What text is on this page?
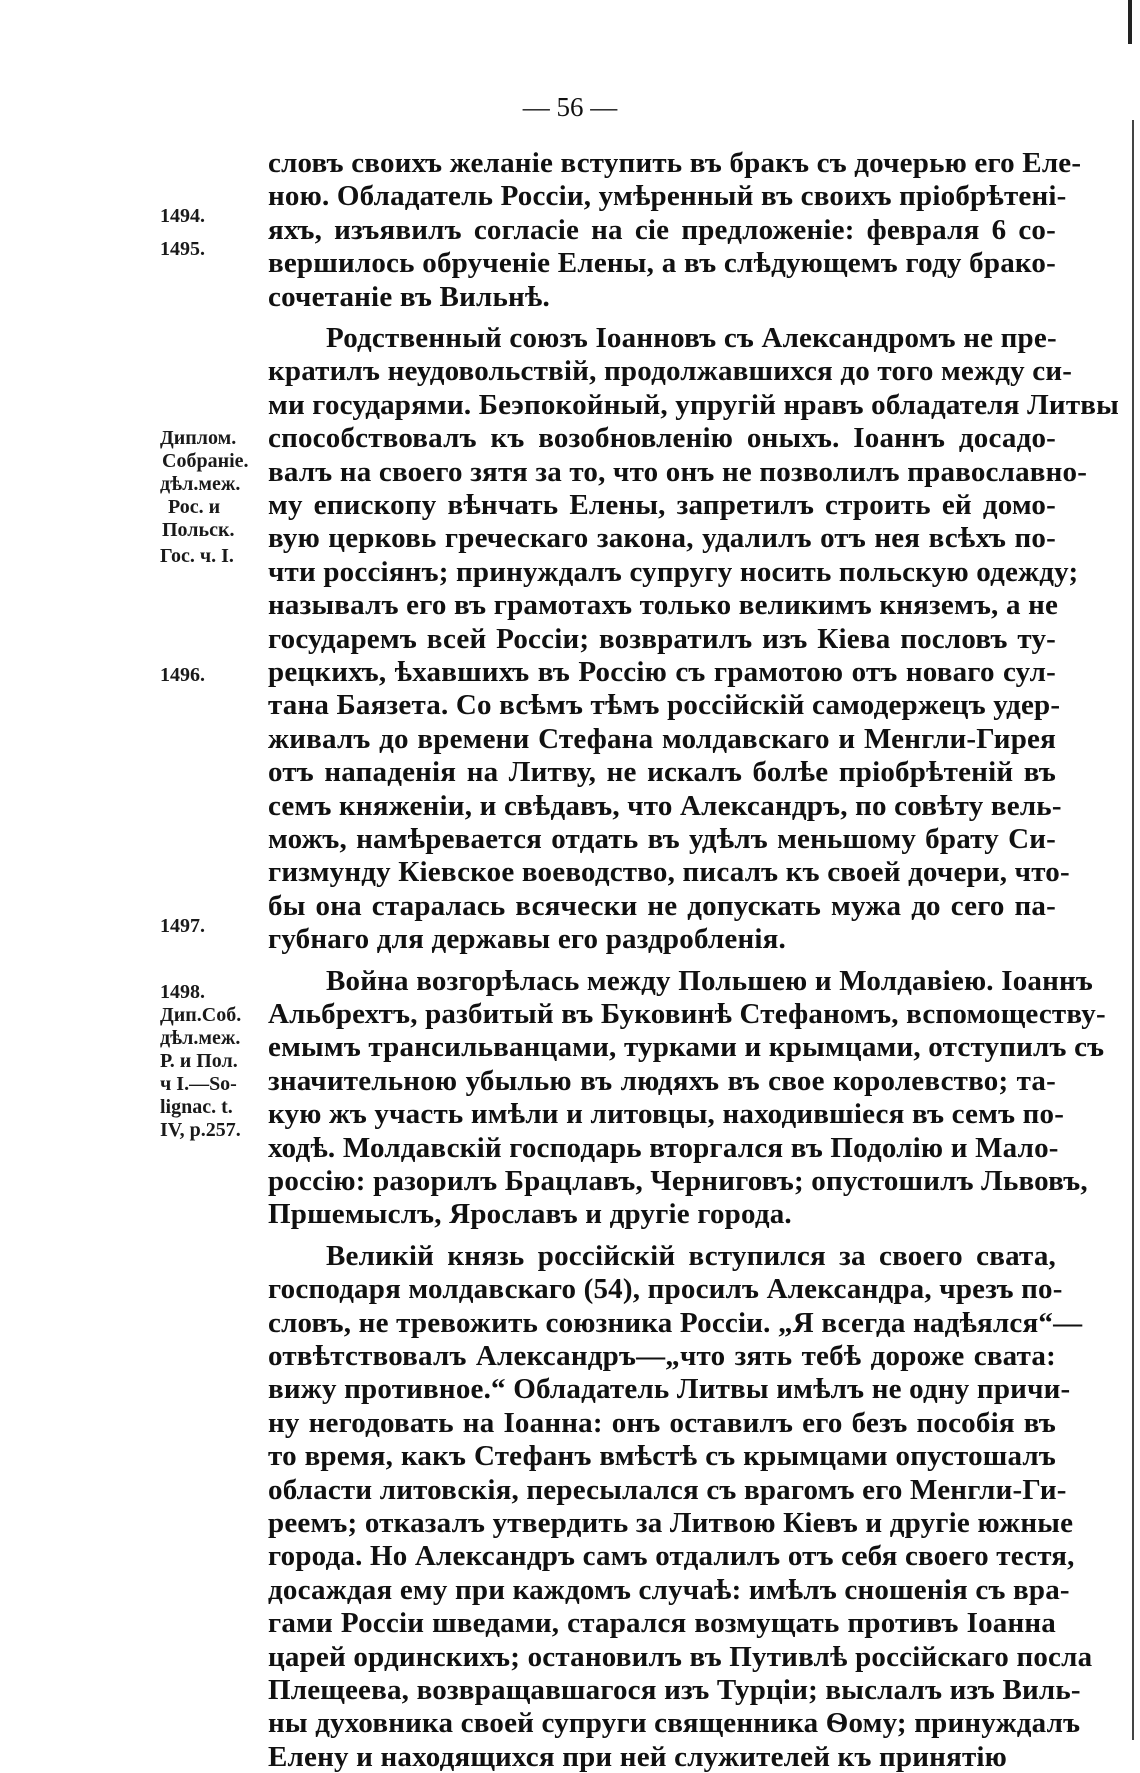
— 56 —
словъ своихъ желаніе вступить въ бракъ съ дочерью его Еле-
ною. Обладатель Россіи, умѣренный въ своихъ пріобрѣтені-
яхъ, изъявилъ согласіе на сіе предложеніе: февраля 6 со-
вершилось обрученіе Елены, а въ слѣдующемъ году брако-
сочетаніе въ Вильнѣ.
Родственный союзъ Іоанновъ съ Александромъ не пре-
кратилъ неудовольствій, продолжавшихся до того между си-
ми государями. Беэпокойный, упругій нравъ обладателя Литвы
способствовалъ къ возобновленію оныхъ. Іоаннъ досадо-
валъ на своего зятя за то, что онъ не позволилъ православно-
му епископу вѣнчать Елены, запретилъ строить ей домо-
вую церковь греческаго закона, удалилъ отъ нея всѣхъ по-
чти россіянъ; принуждалъ супругу носить польскую одежду;
называлъ его въ грамотахъ только великимъ княземъ, а не
государемъ всей Россіи; возвратилъ изъ Кіева пословъ ту-
рецкихъ, ѣхавшихъ въ Россію съ грамотою отъ новаго сул-
тана Баязета. Со всѣмъ тѣмъ россійскій самодержецъ удер-
живалъ до времени Стефана молдавскаго и Менгли-Гирея
отъ нападенія на Литву, не искалъ болѣе пріобрѣтеній въ
семъ княженіи, и свѣдавъ, что Александръ, по совѣту вель-
можъ, намѣревается отдать въ удѣлъ меньшому брату Си-
гизмунду Кіевское воеводство, писалъ къ своей дочери, что-
бы она старалась всячески не допускать мужа до сего па-
губнаго для державы его раздробленія.
Война возгорѣлась между Польшею и Молдавіею. Іоаннъ
Альбрехтъ, разбитый въ Буковинѣ Стефаномъ, вспомоществу-
емымъ трансильванцами, турками и крымцами, отступилъ съ
значительною убылью въ людяхъ въ свое королевство; та-
кую жъ участь имѣли и литовцы, находившіеся въ семъ по-
ходѣ. Молдавскій господарь вторгался въ Подолію и Мало-
россію: разорилъ Брацлавъ, Черниговъ; опустошилъ Львовъ,
Пршемыслъ, Ярославъ и другіе города.
Великій князь россійскій вступился за своего свата,
господаря молдавскаго (54), просилъ Александра, чрезъ по-
словъ, не тревожить союзника Россіи. „Я всегда надѣялся“—
отвѣтствовалъ Александръ—„что зять тебѣ дороже свата:
вижу противное.“ Обладатель Литвы имѣлъ не одну причи-
ну негодовать на Іоанна: онъ оставилъ его безъ пособія въ
то время, какъ Стефанъ вмѣстѣ съ крымцами опустошалъ
области литовскія, пересылался съ врагомъ его Менгли-Ги-
реемъ; отказалъ утвердить за Литвою Кіевъ и другіе южные
города. Но Александръ самъ отдалилъ отъ себя своего тестя,
досаждая ему при каждомъ случаѣ: имѣлъ сношенія съ вра-
гами Россіи шведами, старался возмущать противъ Іоанна
царей ординскихъ; остановилъ въ Путивлѣ россійскаго посла
Плещеева, возвращавшагося изъ Турціи; выслалъ изъ Виль-
ны духовника своей супруги священника Ѳому; принуждалъ
Елену и находящихся при ней служителей къ принятію
1494.
1495.
Диплом.
Собраніе.
дѣл.меж.
Рос. и
Польск.
Гос. ч. I.
1496.
1497.
1498.
Дип.Соб.
дѣл.меж.
Р. и Пол.
ч I.—So-
lignac. t.
IV, p.257.
